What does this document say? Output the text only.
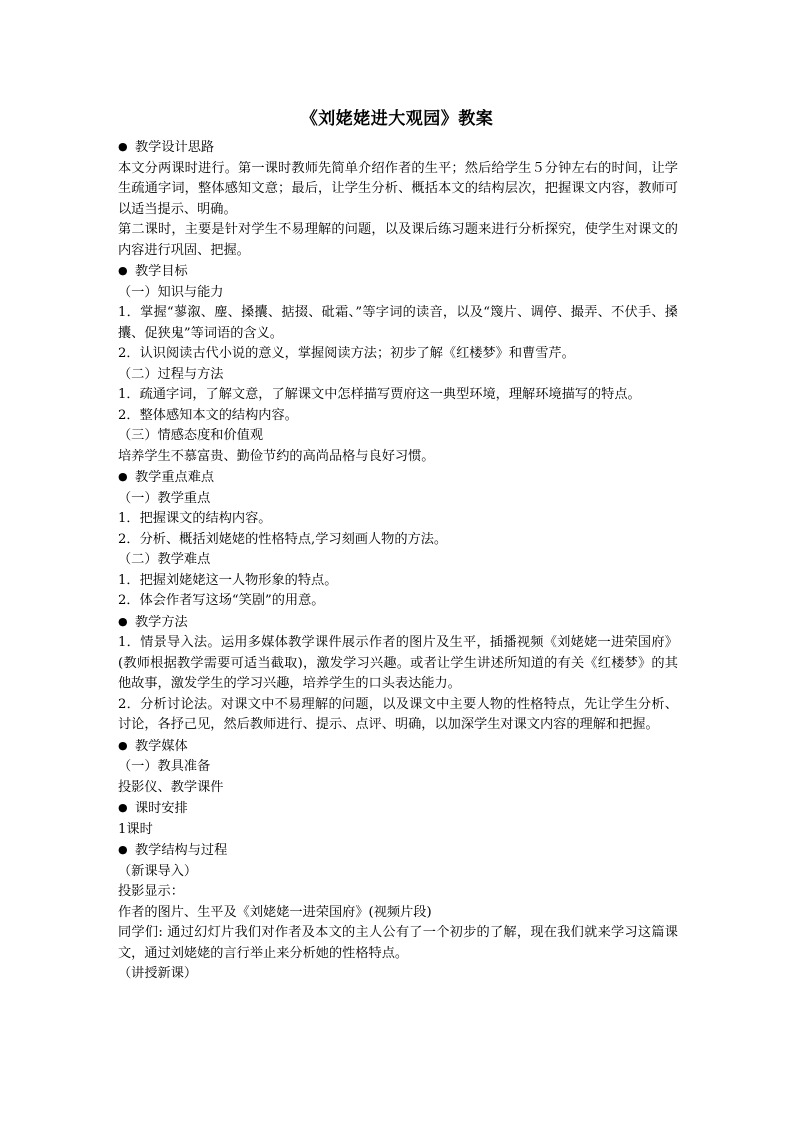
《刘姥姥进大观园》教案

● 教学设计思路

本文分两课时进行。第一课时教师先简单介绍作者的生平；然后给学生５分钟左右的时间，让学生疏通字词，整体感知文意；最后，让学生分析、概括本文的结构层次，把握课文内容，教师可以适当提示、明确。

第二课时，主要是针对学生不易理解的问题，以及课后练习题来进行分析探究，使学生对课文的内容进行巩固、把握。

● 教学目标

（一）知识与能力

1．掌握“蓼溆、麈、搡攮、掂掇、砒霜、”等字词的读音，以及“篾片、调停、撮弄、不伏手、搡攮、促狭鬼”等词语的含义。

2．认识阅读古代小说的意义，掌握阅读方法；初步了解《红楼梦》和曹雪芹。

（二）过程与方法

1．疏通字词，了解文意，了解课文中怎样描写贾府这一典型环境，理解环境描写的特点。

2．整体感知本文的结构内容。

（三）情感态度和价值观

培养学生不慕富贵、勤俭节约的高尚品格与良好习惯。

● 教学重点难点

（一）教学重点

1．把握课文的结构内容。

2．分析、概括刘姥姥的性格特点,学习刻画人物的方法。

（二）教学难点

1．把握刘姥姥这一人物形象的特点。

2．体会作者写这场“笑剧”的用意。

● 教学方法

1．情景导入法。运用多媒体教学课件展示作者的图片及生平，插播视频《刘姥姥一进荣国府》(教师根据教学需要可适当截取)，激发学习兴趣。或者让学生讲述所知道的有关《红楼梦》的其他故事，激发学生的学习兴趣，培养学生的口头表达能力。

2．分析讨论法。对课文中不易理解的问题，以及课文中主要人物的性格特点，先让学生分析、讨论，各抒己见，然后教师进行、提示、点评、明确，以加深学生对课文内容的理解和把握。

● 教学媒体

（一）教具准备

投影仪、教学课件

● 课时安排

1课时

● 教学结构与过程

（新课导入）

投影显示：

作者的图片、生平及《刘姥姥一进荣国府》(视频片段)

同学们: 通过幻灯片我们对作者及本文的主人公有了一个初步的了解，现在我们就来学习这篇课文，通过刘姥姥的言行举止来分析她的性格特点。

（讲授新课）
